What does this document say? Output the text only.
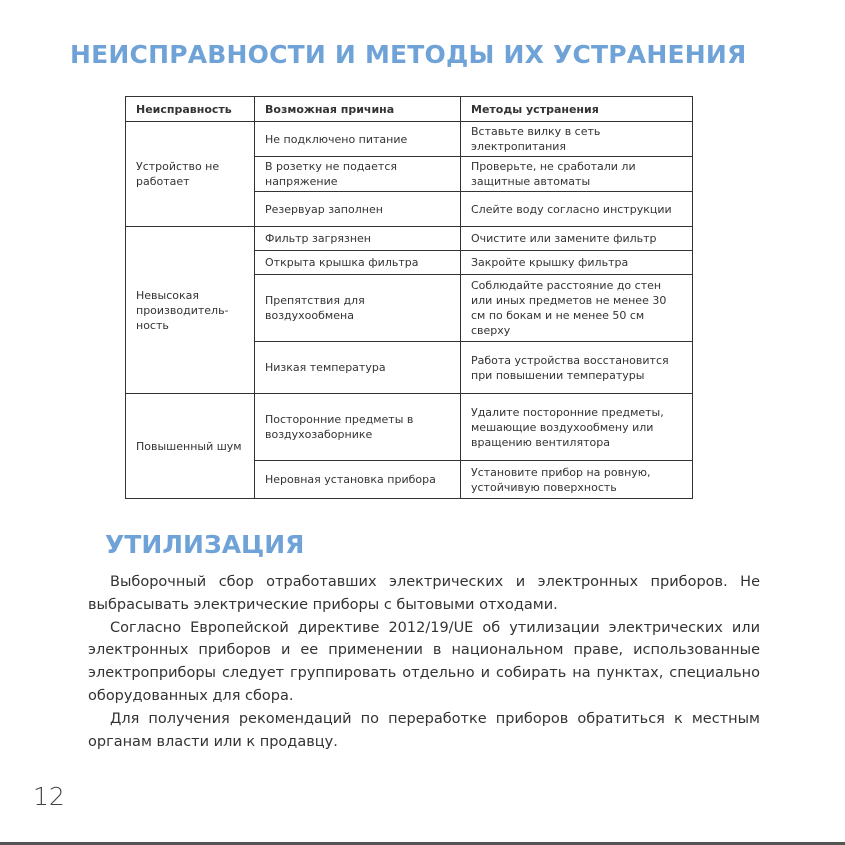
НЕИСПРАВНОСТИ И МЕТОДЫ ИХ УСТРАНЕНИЯ
Неисправность	Возможная причина	Методы устранения
Устройство не работает	Не подключено питание	Вставьте вилку в сеть электропитания
	В розетку не подается напряжение	Проверьте, не сработали ли защитные автоматы
	Резервуар заполнен	Слейте воду согласно инструкции
Невысокая производитель-ность	Фильтр загрязнен	Очистите или замените фильтр
	Открыта крышка фильтра	Закройте крышку фильтра
	Препятствия для воздухообмена	Соблюдайте расстояние до стен или иных предметов не менее 30 см по бокам и не менее 50 см сверху
	Низкая температура	Работа устройства восстановится при повышении температуры
Повышенный шум	Посторонние предметы в воздухозаборнике	Удалите посторонние предметы, мешающие воздухообмену или вращению вентилятора
	Неровная установка прибора	Установите прибор на ровную, устойчивую поверхность
УТИЛИЗАЦИЯ

Выборочный сбор отработавших электрических и электронных приборов. Не выбрасывать электрические приборы с бытовыми отходами.

Согласно Европейской директиве 2012/19/UE об утилизации электрических или электронных приборов и ее применении в национальном праве, использованные электроприборы следует группировать отдельно и собирать на пунктах, специально оборудованных для сбора.

Для получения рекомендаций по переработке приборов обратиться к местным органам власти или к продавцу.

12
